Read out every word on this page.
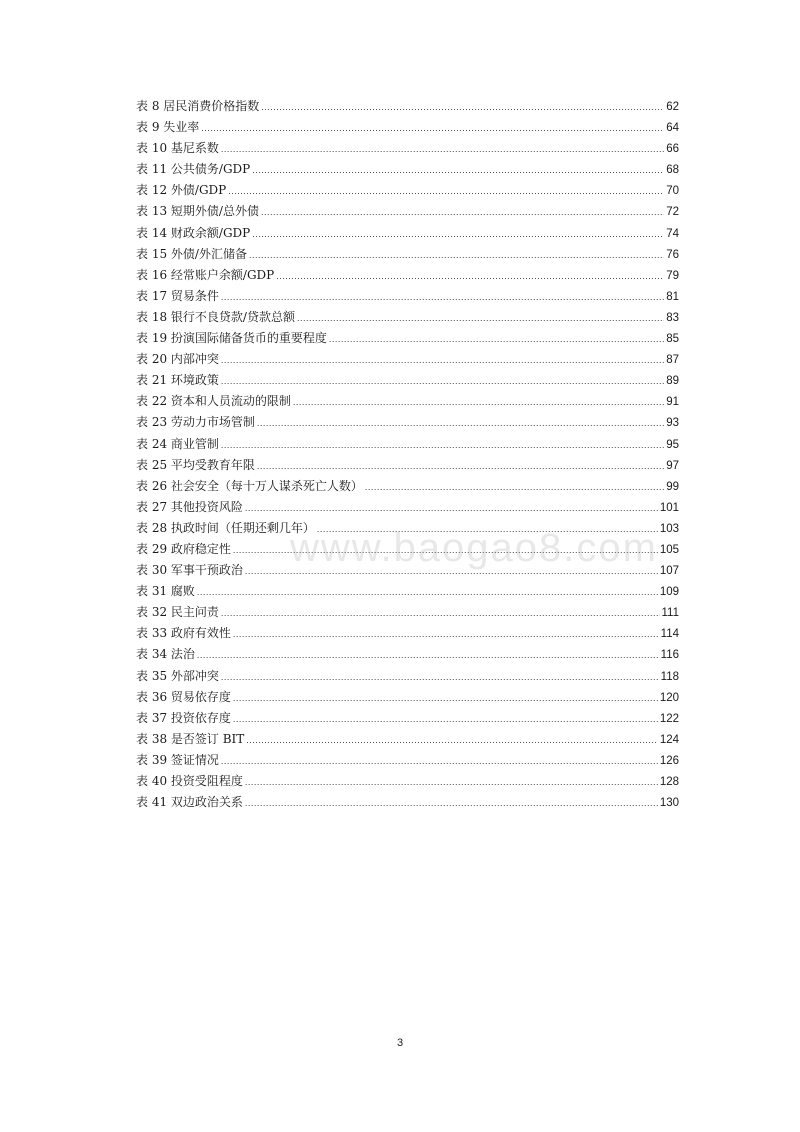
表 8 居民消费价格指数 .....	62
表 9 失业率 .....	64
表 10 基尼系数 .....	66
表 11 公共债务/GDP .....	68
表 12 外债/GDP .....	70
表 13 短期外债/总外债 .....	72
表 14 财政余额/GDP .....	74
表 15 外债/外汇储备 .....	76
表 16 经常账户余额/GDP .....	79
表 17 贸易条件 .....	81
表 18 银行不良贷款/贷款总额 .....	83
表 19 扮演国际储备货币的重要程度 .....	85
表 20 内部冲突 .....	87
表 21 环境政策 .....	89
表 22 资本和人员流动的限制 .....	91
表 23 劳动力市场管制 .....	93
表 24 商业管制 .....	95
表 25 平均受教育年限 .....	97
表 26 社会安全（每十万人谋杀死亡人数） .....	99
表 27 其他投资风险 .....	101
表 28 执政时间（任期还剩几年） .....	103
表 29 政府稳定性 .....	105
表 30 军事干预政治 .....	107
表 31 腐败 .....	109
表 32 民主问责 .....	111
表 33 政府有效性 .....	114
表 34 法治 .....	116
表 35 外部冲突 .....	118
表 36 贸易依存度 .....	120
表 37 投资依存度 .....	122
表 38 是否签订 BIT .....	124
表 39 签证情况 .....	126
表 40 投资受阻程度 .....	128
表 41 双边政治关系 .....	130
www.baogao8.com
3
